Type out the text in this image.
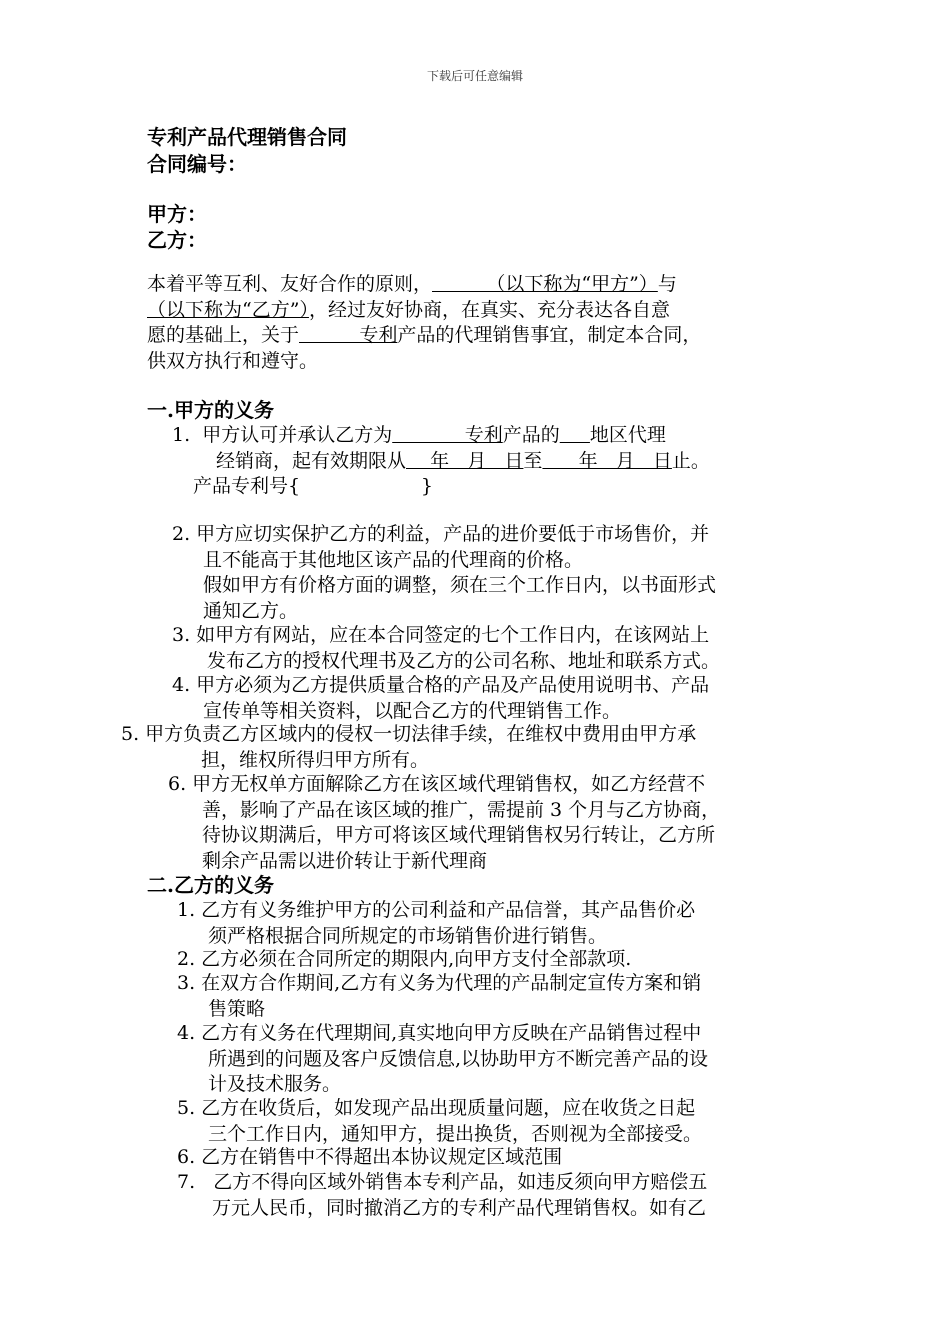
下载后可任意编辑
专利产品代理销售合同
合同编号：
甲方：
乙方：
本着平等互利、友好合作的原则，         （以下称为“甲方”）与
（以下称为“乙方”），经过友好协商，在真实、充分表达各自意
愿的基础上，关于          专利产品的代理销售事宜，制定本合同，
供双方执行和遵守。
一.甲方的义务
1.  甲方认可并承认乙方为            专利产品的 地区代理
经销商，起有效期限从    年   月   日至      年   月   日止。
产品专利号{                    }
2. 甲方应切实保护乙方的利益，产品的进价要低于市场售价，并
且不能高于其他地区该产品的代理商的价格。
假如甲方有价格方面的调整，须在三个工作日内，以书面形式
通知乙方。
3. 如甲方有网站，应在本合同签定的七个工作日内，在该网站上
发布乙方的授权代理书及乙方的公司名称、地址和联系方式。
4. 甲方必须为乙方提供质量合格的产品及产品使用说明书、产品
宣传单等相关资料，以配合乙方的代理销售工作。
5. 甲方负责乙方区域内的侵权一切法律手续，在维权中费用由甲方承
担，维权所得归甲方所有。
6. 甲方无权单方面解除乙方在该区域代理销售权，如乙方经营不
善，影响了产品在该区域的推广，需提前 3 个月与乙方协商，
待协议期满后，甲方可将该区域代理销售权另行转让，乙方所
剩余产品需以进价转让于新代理商
二.乙方的义务
1. 乙方有义务维护甲方的公司利益和产品信誉，其产品售价必
须严格根据合同所规定的市场销售价进行销售。
2. 乙方必须在合同所定的期限内,向甲方支付全部款项.
3. 在双方合作期间,乙方有义务为代理的产品制定宣传方案和销
售策略
4. 乙方有义务在代理期间,真实地向甲方反映在产品销售过程中
所遇到的问题及客户反馈信息,以协助甲方不断完善产品的设
计及技术服务。
5. 乙方在收货后，如发现产品出现质量问题，应在收货之日起
三个工作日内，通知甲方，提出换货，否则视为全部接受。
6. 乙方在销售中不得超出本协议规定区域范围
7.   乙方不得向区域外销售本专利产品，如违反须向甲方赔偿五
万元人民币，同时撤消乙方的专利产品代理销售权。如有乙
